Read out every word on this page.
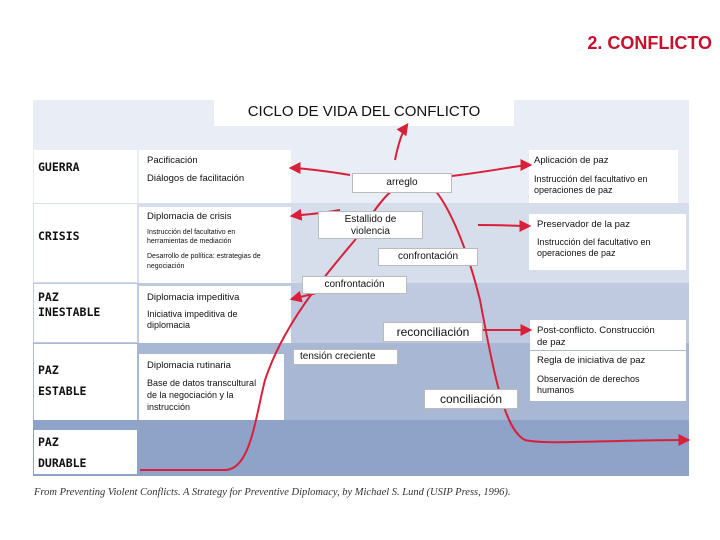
2. CONFLICTO
CICLO DE VIDA DEL CONFLICTO
GUERRA
CRISIS
PAZ
INESTABLE
PAZ
ESTABLE
PAZ
DURABLE
Pacificación
Diálogos de facilitación
Diplomacia de crisis
Instrucción del facultativo en
herramientas de mediación
Desarrollo de política: estrategias de
negociación
Diplomacia impeditiva
Iniciativa impeditiva de
diplomacia
Diplomacia rutinaria
Base de datos transcultural
de la negociación y la
instrucción
Aplicación de paz
Instrucción del facultativo en
operaciones de paz
Preservador de la paz
Instrucción del facultativo en
operaciones de paz
Post-conflicto. Construcción
de paz
Regla de iniciativa de paz
Observación de derechos
humanos
arreglo
Estallido de
violencia
confrontación
confrontación
reconciliación
tensión creciente
conciliación
From Preventing Violent Conflicts. A Strategy for Preventive Diplomacy, by Michael S. Lund (USIP Press, 1996).
